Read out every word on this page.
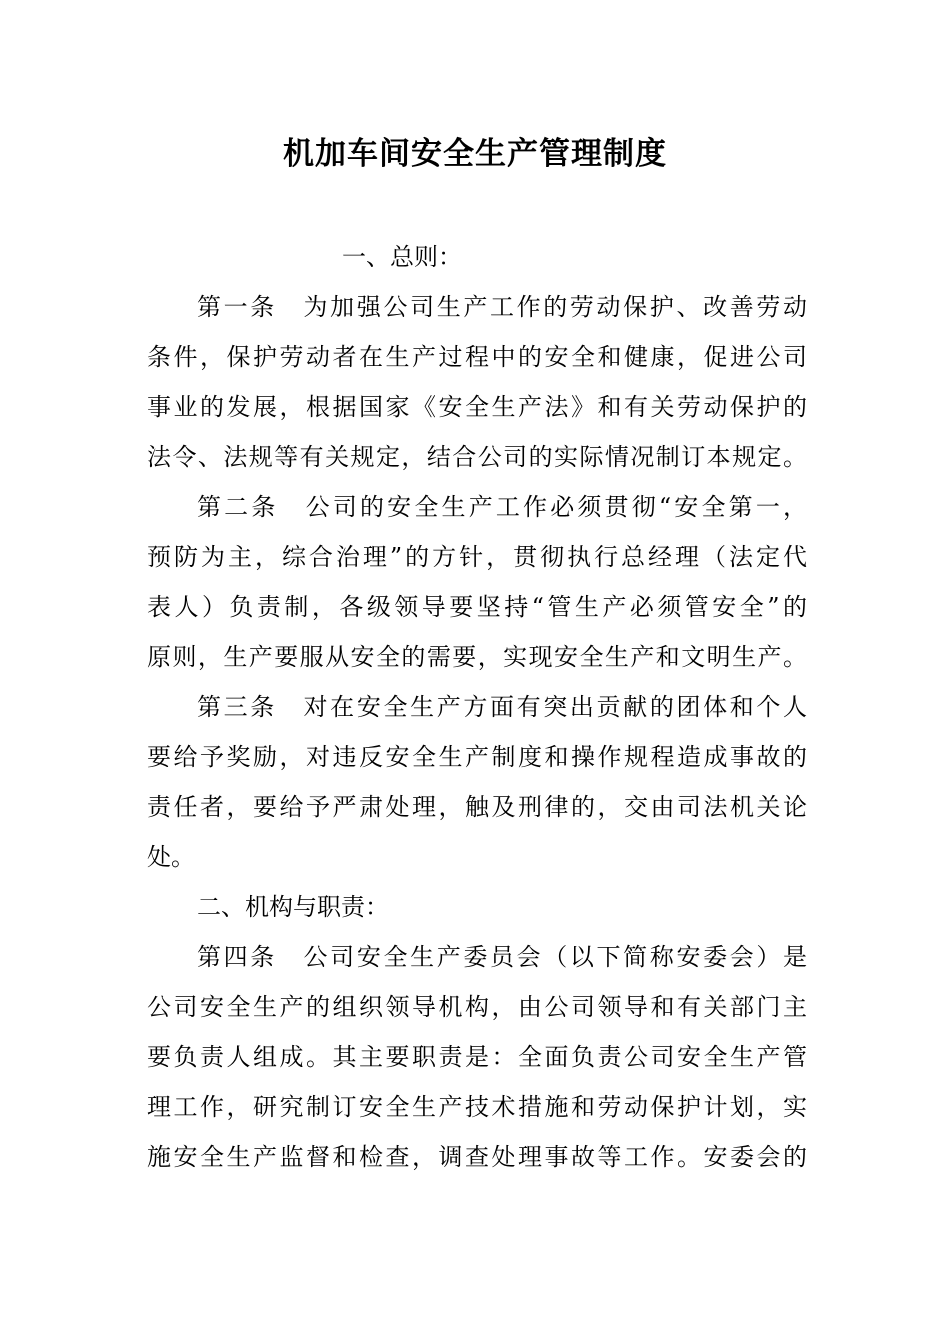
机加车间安全生产管理制度
一、总则：
第一条　为加强公司生产工作的劳动保护、改善劳动
条件，保护劳动者在生产过程中的安全和健康，促进公司
事业的发展，根据国家《安全生产法》和有关劳动保护的
法令、法规等有关规定，结合公司的实际情况制订本规定。
第二条　公司的安全生产工作必须贯彻“安全第一，
预防为主，综合治理”的方针，贯彻执行总经理（法定代
表人）负责制，各级领导要坚持“管生产必须管安全”的
原则，生产要服从安全的需要，实现安全生产和文明生产。
第三条　对在安全生产方面有突出贡献的团体和个人
要给予奖励，对违反安全生产制度和操作规程造成事故的
责任者，要给予严肃处理，触及刑律的，交由司法机关论
处。
二、机构与职责：
第四条　公司安全生产委员会（以下简称安委会）是
公司安全生产的组织领导机构，由公司领导和有关部门主
要负责人组成。其主要职责是：全面负责公司安全生产管
理工作，研究制订安全生产技术措施和劳动保护计划，实
施安全生产监督和检查，调查处理事故等工作。安委会的
